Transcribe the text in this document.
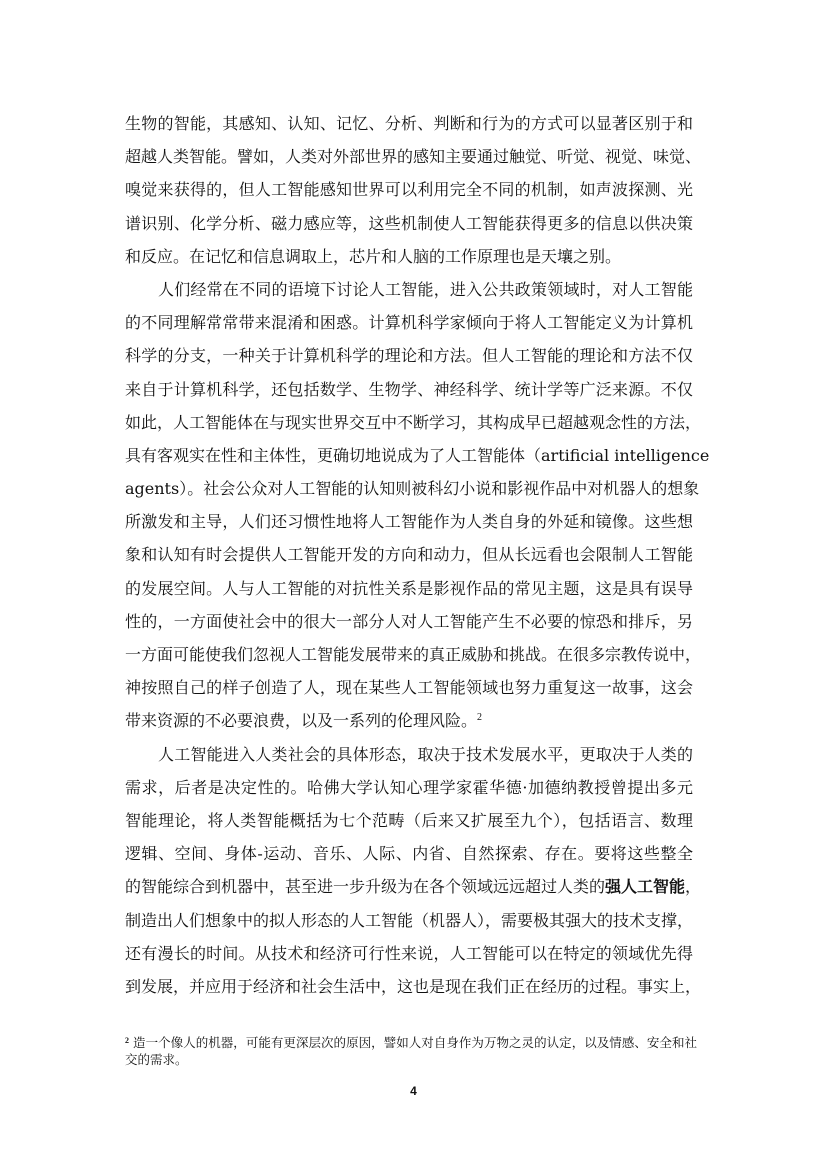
生物的智能，其感知、认知、记忆、分析、判断和行为的方式可以显著区别于和
超越人类智能。譬如，人类对外部世界的感知主要通过触觉、听觉、视觉、味觉、
嗅觉来获得的，但人工智能感知世界可以利用完全不同的机制，如声波探测、光
谱识别、化学分析、磁力感应等，这些机制使人工智能获得更多的信息以供决策
和反应。在记忆和信息调取上，芯片和人脑的工作原理也是天壤之别。
人们经常在不同的语境下讨论人工智能，进入公共政策领域时，对人工智能
的不同理解常常带来混淆和困惑。计算机科学家倾向于将人工智能定义为计算机
科学的分支，一种关于计算机科学的理论和方法。但人工智能的理论和方法不仅
来自于计算机科学，还包括数学、生物学、神经科学、统计学等广泛来源。不仅
如此，人工智能体在与现实世界交互中不断学习，其构成早已超越观念性的方法，
具有客观实在性和主体性，更确切地说成为了人工智能体（artificial intelligence
agents）。社会公众对人工智能的认知则被科幻小说和影视作品中对机器人的想象
所激发和主导，人们还习惯性地将人工智能作为人类自身的外延和镜像。这些想
象和认知有时会提供人工智能开发的方向和动力，但从长远看也会限制人工智能
的发展空间。人与人工智能的对抗性关系是影视作品的常见主题，这是具有误导
性的，一方面使社会中的很大一部分人对人工智能产生不必要的惊恐和排斥，另
一方面可能使我们忽视人工智能发展带来的真正威胁和挑战。在很多宗教传说中，
神按照自己的样子创造了人，现在某些人工智能领域也努力重复这一故事，这会
带来资源的不必要浪费，以及一系列的伦理风险。$^2$
人工智能进入人类社会的具体形态，取决于技术发展水平，更取决于人类的
需求，后者是决定性的。哈佛大学认知心理学家霍华德·加德纳教授曾提出多元
智能理论，将人类智能概括为七个范畴（后来又扩展至九个），包括语言、数理
逻辑、空间、身体-运动、音乐、人际、内省、自然探索、存在。要将这些整全
的智能综合到机器中，甚至进一步升级为在各个领域远远超过人类的强人工智能，
制造出人们想象中的拟人形态的人工智能（机器人），需要极其强大的技术支撑，
还有漫长的时间。从技术和经济可行性来说，人工智能可以在特定的领域优先得
到发展，并应用于经济和社会生活中，这也是现在我们正在经历的过程。事实上，
$^2$ 造一个像人的机器，可能有更深层次的原因，譬如人对自身作为万物之灵的认定，以及情感、安全和社
交的需求。
4
